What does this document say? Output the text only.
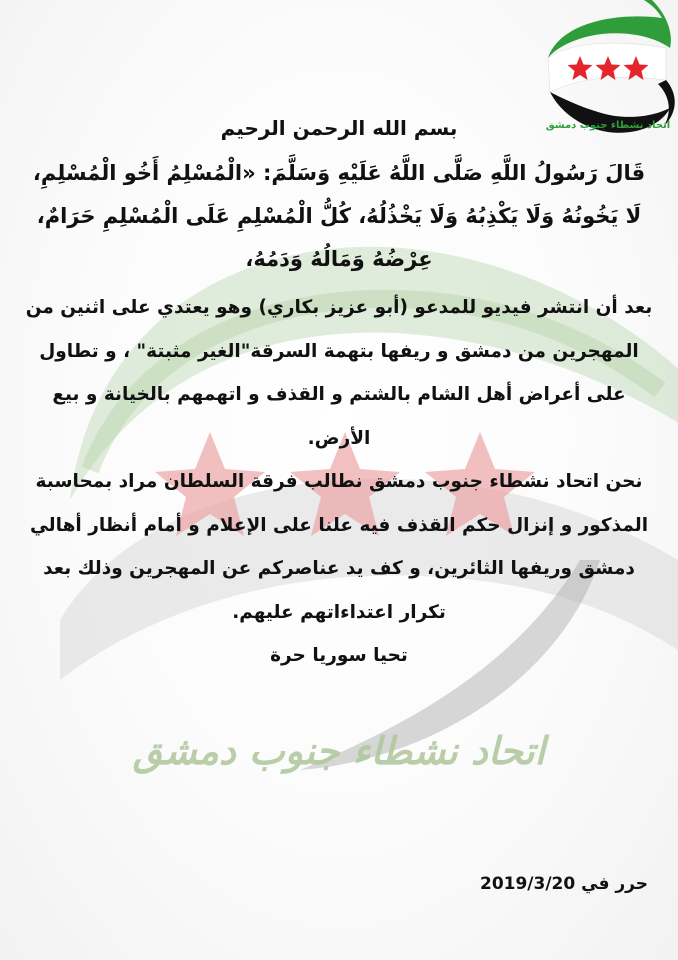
اتحاد نشطاء جنوب دمشق
بسم الله الرحمن الرحيم
قَالَ رَسُولُ اللَّهِ صَلَّى اللَّهُ عَلَيْهِ وَسَلَّمَ: «الْمُسْلِمُ أَخُو الْمُسْلِمِ، لَا يَخُونُهُ وَلَا يَكْذِبُهُ وَلَا يَخْذُلُهُ، كُلُّ الْمُسْلِمِ عَلَى الْمُسْلِمِ حَرَامٌ، عِرْضُهُ وَمَالُهُ وَدَمُهُ،

بعد أن انتشر فيديو للمدعو (أبو عزيز بكاري) وهو يعتدي على اثنين من المهجرين من دمشق و ريفها بتهمة السرقة"الغير مثبتة" ، و تطاول على أعراض أهل الشام بالشتم و القذف و اتهمهم بالخيانة و بيع الأرض.

نحن اتحاد نشطاء جنوب دمشق نطالب فرقة السلطان مراد بمحاسبة المذكور و إنزال حكم القذف فيه علنا على الإعلام و أمام أنظار أهالي دمشق وريفها الثائرين، و كف يد عناصركم عن المهجرين وذلك بعد تكرار اعتداءاتهم عليهم.

تحيا سوريا حرة

اتحاد نشطاء جنوب دمشق
حرر في 2019/3/20
